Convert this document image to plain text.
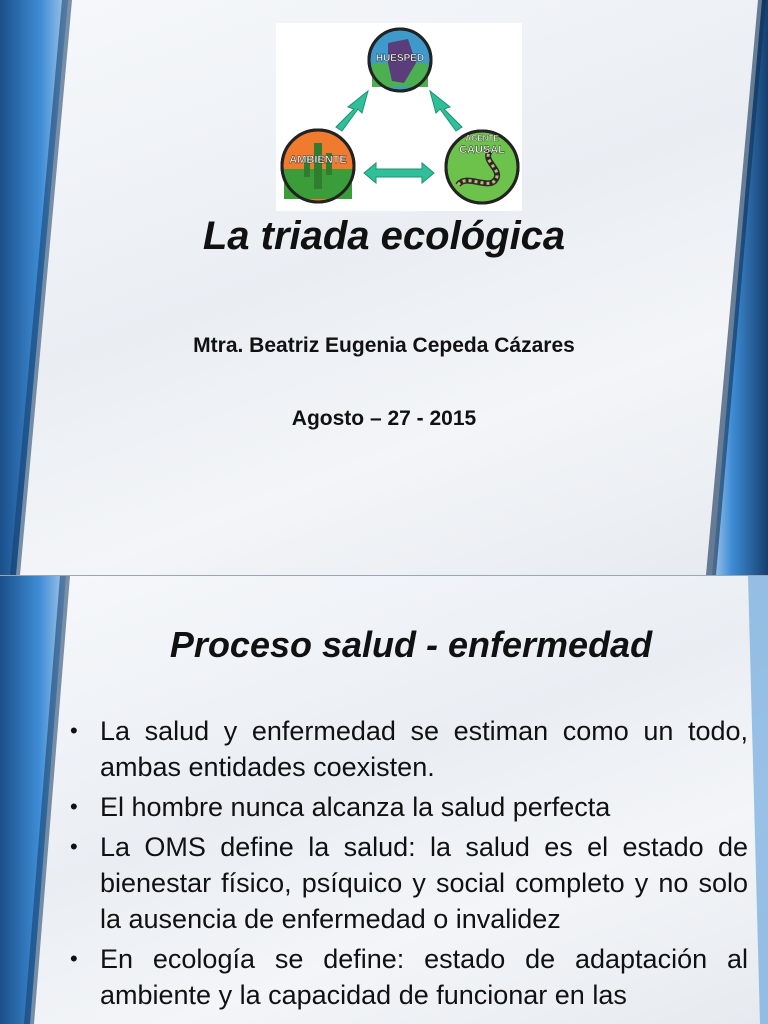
HUESPED
AMBIENTE
AGENTE
CAUSAL
La triada ecológica
Mtra. Beatriz Eugenia Cepeda Cázares
Agosto – 27 - 2015
Proceso salud - enfermedad
• La salud y enfermedad se estiman como un todo, ambas entidades coexisten.
• El hombre nunca alcanza la salud perfecta
• La OMS define la salud: la salud es el estado de bienestar físico, psíquico y social completo y no solo la ausencia de enfermedad o invalidez
• En ecología se define: estado de adaptación al ambiente y la capacidad de funcionar en las
